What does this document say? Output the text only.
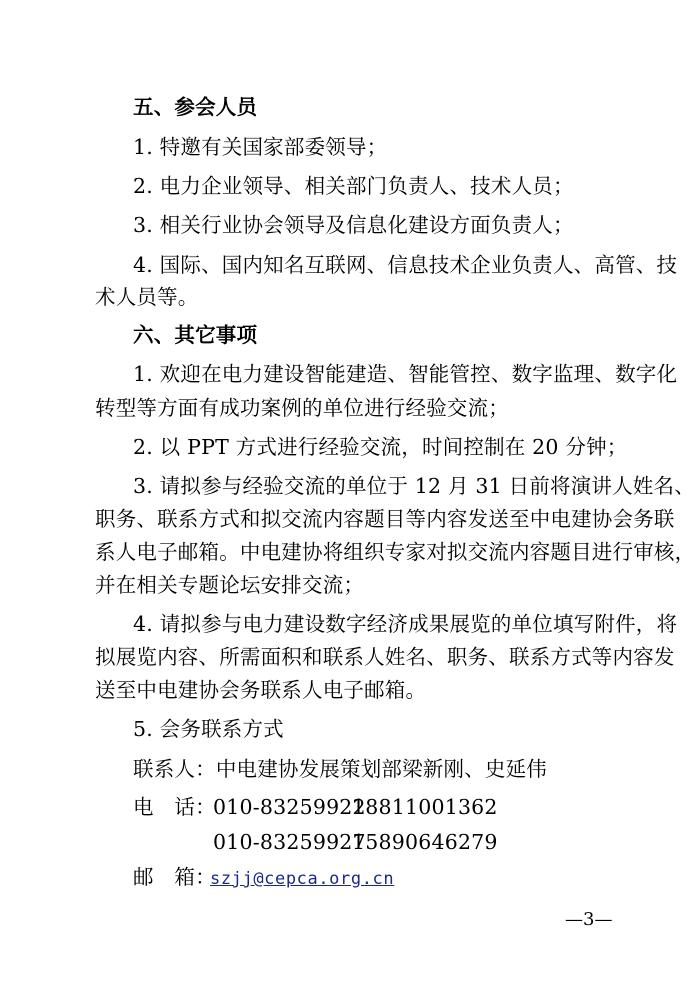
五、参会人员
1. 特邀有关国家部委领导；
2. 电力企业领导、相关部门负责人、技术人员；
3. 相关行业协会领导及信息化建设方面负责人；
4. 国际、国内知名互联网、信息技术企业负责人、高管、技
术人员等。
六、其它事项
1. 欢迎在电力建设智能建造、智能管控、数字监理、数字化
转型等方面有成功案例的单位进行经验交流；
2. 以 PPT 方式进行经验交流，时间控制在 20 分钟；
3. 请拟参与经验交流的单位于 12 月 31 日前将演讲人姓名、
职务、联系方式和拟交流内容题目等内容发送至中电建协会务联
系人电子邮箱。中电建协将组织专家对拟交流内容题目进行审核，
并在相关专题论坛安排交流；
4. 请拟参与电力建设数字经济成果展览的单位填写附件，将
拟展览内容、所需面积和联系人姓名、职务、联系方式等内容发
送至中电建协会务联系人电子邮箱。
5. 会务联系方式
联系人：中电建协发展策划部梁新刚、史延伟
电　话：
010-83259922
18811001362
010-83259927
15890646279
邮　箱：
szjj@cepca.org.cn
—3—
